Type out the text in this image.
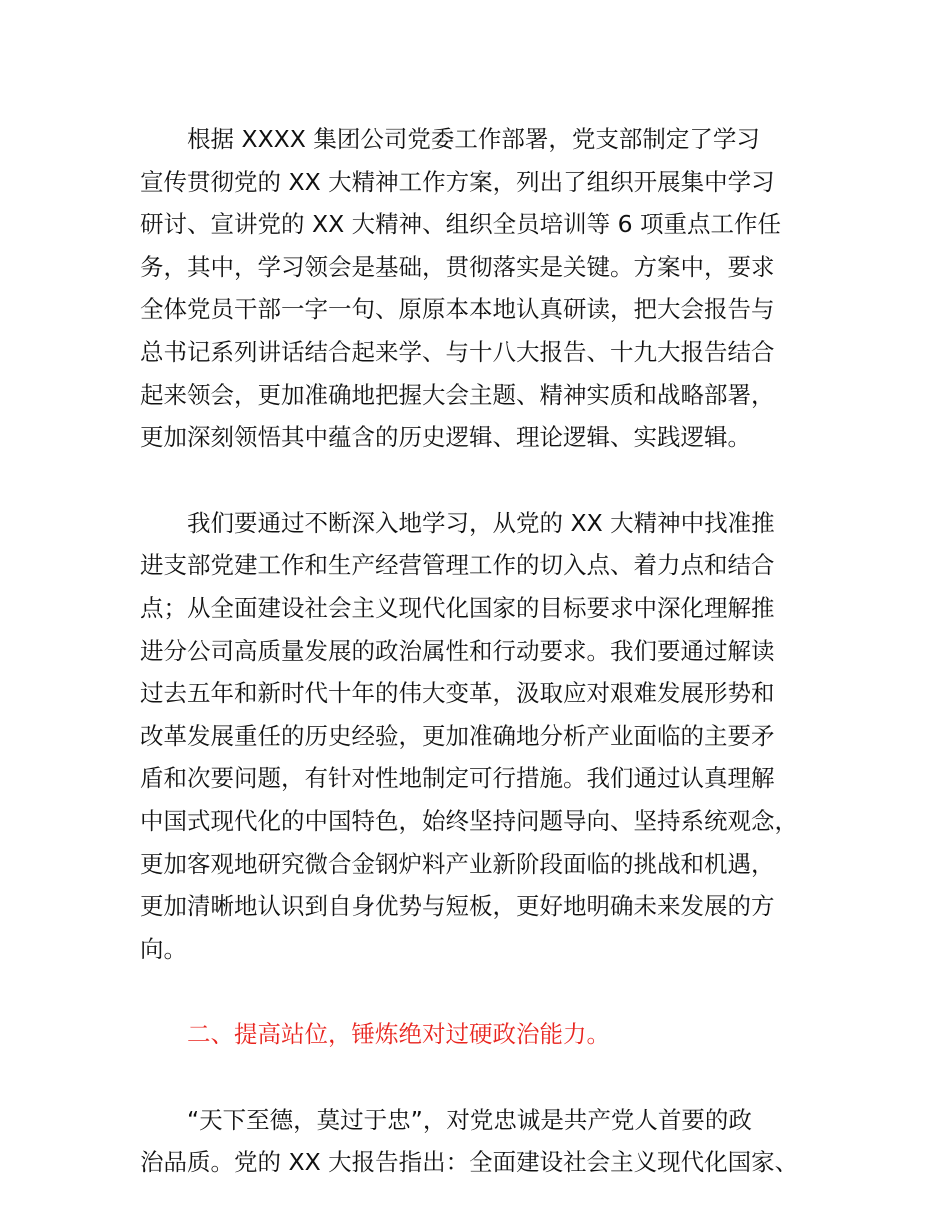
根据 XXXX 集团公司党委工作部署，党支部制定了学习
宣传贯彻党的 XX 大精神工作方案，列出了组织开展集中学习
研讨、宣讲党的 XX 大精神、组织全员培训等 6 项重点工作任
务，其中，学习领会是基础，贯彻落实是关键。方案中，要求
全体党员干部一字一句、原原本本地认真研读，把大会报告与
总书记系列讲话结合起来学、与十八大报告、十九大报告结合
起来领会，更加准确地把握大会主题、精神实质和战略部署，
更加深刻领悟其中蕴含的历史逻辑、理论逻辑、实践逻辑。
我们要通过不断深入地学习，从党的 XX 大精神中找准推
进支部党建工作和生产经营管理工作的切入点、着力点和结合
点；从全面建设社会主义现代化国家的目标要求中深化理解推
进分公司高质量发展的政治属性和行动要求。我们要通过解读
过去五年和新时代十年的伟大变革，汲取应对艰难发展形势和
改革发展重任的历史经验，更加准确地分析产业面临的主要矛
盾和次要问题，有针对性地制定可行措施。我们通过认真理解
中国式现代化的中国特色，始终坚持问题导向、坚持系统观念，
更加客观地研究微合金钢炉料产业新阶段面临的挑战和机遇，
更加清晰地认识到自身优势与短板，更好地明确未来发展的方
向。
二、提高站位，锤炼绝对过硬政治能力。
“天下至德，莫过于忠”，对党忠诚是共产党人首要的政
治品质。党的 XX 大报告指出：全面建设社会主义现代化国家、
